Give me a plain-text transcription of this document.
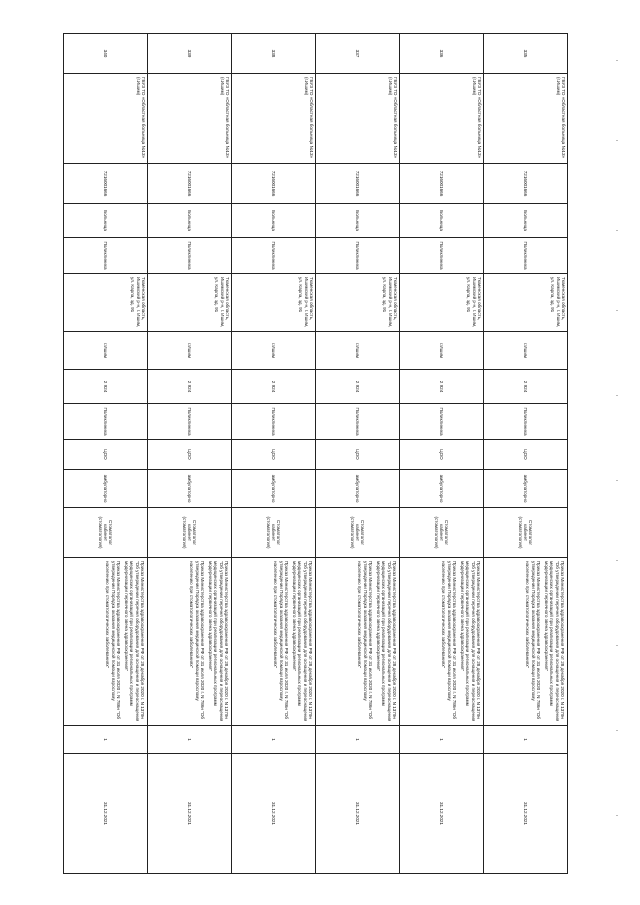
335	ГБУЗ ТО «Областная больница №13» (г.Ишим)	7216001666	Больница	Поликлиника	Тюменская область, Ишимский р-н, г. Ишим, ул. Карла, зд. 91	г.Ишим	2 924	Поликлиника	ЦОО	амбулаторно	Стоматолог кабинет (стоматология)	Приказ Министерства здравоохранения РФ от 28 декабря 2020 г. N 1379н "Об утверждении перечня оборудования для оснащения и переоснащения медицинских организаций при реализации региональных программ модернизации первичного звена здравоохранения"
Приказ Министерства здравоохранения РФ от 31 июля 2020 г. N 786н "Об утверждении Порядка оказания медицинской помощи взрослому населению при стоматологических заболеваниях"	1	31.12.2021
336	ГБУЗ ТО «Областная больница №13» (г.Ишим)	7216001666	Больница	Поликлиника	Тюменская область, Ишимский р-н, г. Ишим, ул. Карла, зд. 91	г.Ишим	2 924	Поликлиника	ЦОО	амбулаторно	Стоматолог кабинет (стоматология)	Приказ Министерства здравоохранения РФ от 28 декабря 2020 г. N 1379н "Об утверждении перечня оборудования для оснащения и переоснащения медицинских организаций при реализации региональных программ модернизации первичного звена здравоохранения"
Приказ Министерства здравоохранения РФ от 31 июля 2020 г. N 786н "Об утверждении Порядка оказания медицинской помощи взрослому населению при стоматологических заболеваниях"	1	31.12.2021
337	ГБУЗ ТО «Областная больница №13» (г.Ишим)	7216001666	Больница	Поликлиника	Тюменская область, Ишимский р-н, г. Ишим, ул. Карла, зд. 91	г.Ишим	2 924	Поликлиника	ЦОО	амбулаторно	Стоматолог кабинет (стоматология)	Приказ Министерства здравоохранения РФ от 28 декабря 2020 г. N 1379н "Об утверждении перечня оборудования для оснащения и переоснащения медицинских организаций при реализации региональных программ модернизации первичного звена здравоохранения"
Приказ Министерства здравоохранения РФ от 31 июля 2020 г. N 786н "Об утверждении Порядка оказания медицинской помощи взрослому населению при стоматологических заболеваниях"	1	31.12.2021
338	ГБУЗ ТО «Областная больница №13» (г.Ишим)	7216001666	Больница	Поликлиника	Тюменская область, Ишимский р-н, г. Ишим, ул. Карла, зд. 91	г.Ишим	2 924	Поликлиника	ЦОО	амбулаторно	Стоматолог кабинет (стоматология)	Приказ Министерства здравоохранения РФ от 28 декабря 2020 г. N 1379н "Об утверждении перечня оборудования для оснащения и переоснащения медицинских организаций при реализации региональных программ модернизации первичного звена здравоохранения"
Приказ Министерства здравоохранения РФ от 31 июля 2020 г. N 786н "Об утверждении Порядка оказания медицинской помощи взрослому населению при стоматологических заболеваниях"	1	31.12.2021
339	ГБУЗ ТО «Областная больница №13» (г.Ишим)	7216001666	Больница	Поликлиника	Тюменская область, Ишимский р-н, г. Ишим, ул. Карла, зд. 91	г.Ишим	2 924	Поликлиника	ЦОО	амбулаторно	Стоматолог кабинет (стоматология)	Приказ Министерства здравоохранения РФ от 28 декабря 2020 г. N 1379н "Об утверждении перечня оборудования для оснащения и переоснащения медицинских организаций при реализации региональных программ модернизации первичного звена здравоохранения"
Приказ Министерства здравоохранения РФ от 31 июля 2020 г. N 786н "Об утверждении Порядка оказания медицинской помощи взрослому населению при стоматологических заболеваниях"	1	31.12.2021
340	ГБУЗ ТО «Областная больница №13» (г.Ишим)	7216001666	Больница	Поликлиника	Тюменская область, Ишимский р-н, г. Ишим, ул. Карла, зд. 91	г.Ишим	2 924	Поликлиника	ЦОО	амбулаторно	Стоматолог кабинет (стоматология)	Приказ Министерства здравоохранения РФ от 28 декабря 2020 г. N 1379н "Об утверждении перечня оборудования для оснащения и переоснащения медицинских организаций при реализации региональных программ модернизации первичного звена здравоохранения"
Приказ Министерства здравоохранения РФ от 31 июля 2020 г. N 786н "Об утверждении Порядка оказания медицинской помощи взрослому населению при стоматологических заболеваниях"	1	31.12.2021
